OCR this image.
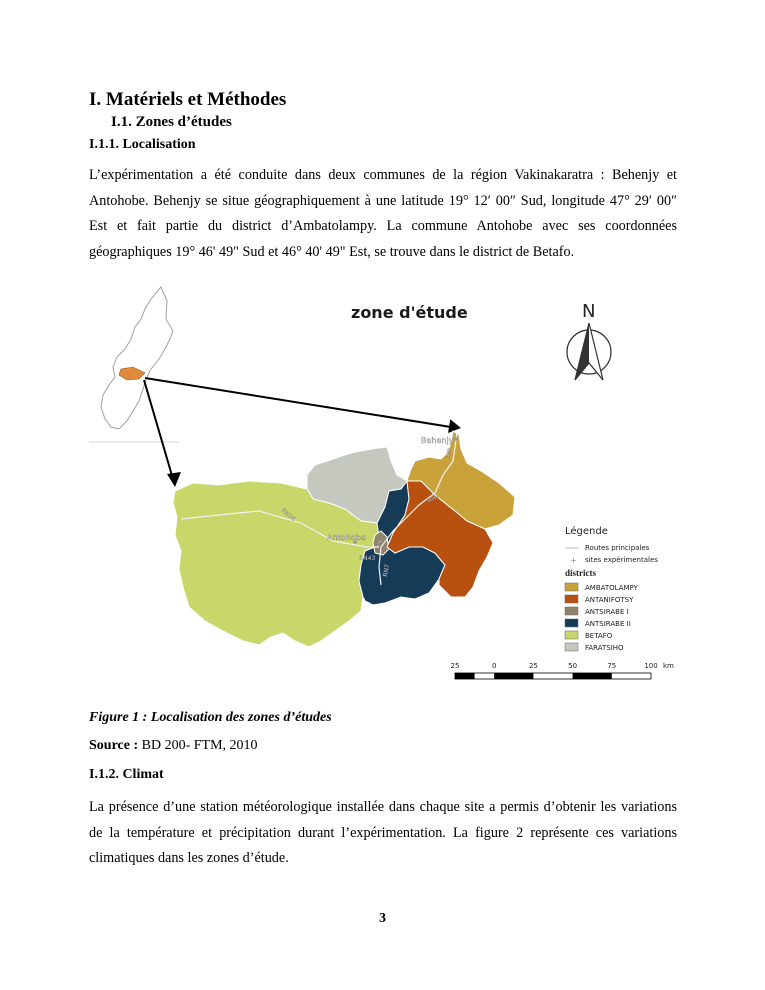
I. Matériels et Méthodes
I.1. Zones d’études
I.1.1. Localisation
L’expérimentation a été conduite dans deux communes de la région Vakinakaratra : Behenjy et Antohobe. Behenjy se situe géographiquement à une latitude 19° 12′ 00″ Sud, longitude 47° 29′ 00″ Est et fait partie du district d’Ambatolampy. La commune Antohobe avec ses coordonnées géographiques 19° 46' 49" Sud et 46° 40' 49" Est, se trouve dans le district de Betafo.
zone d'étude
Behenjy
Antohobe
RN34
RN7
RN7
RN7
RN7
RN43
N
Légende
Routes principales
+ sites expérimentales
districts
AMBATOLAMPY
ANTANIFOTSY
ANTSIRABE I
ANTSIRABE II
BETAFO
FARATSIHO
25	0	25	50	75	100 km
Figure 1 : Localisation des zones d’études
Source : BD 200- FTM, 2010
I.1.2. Climat
La présence d’une station météorologique installée dans chaque site a permis d’obtenir les variations de la température et précipitation durant l’expérimentation. La figure 2 représente ces variations climatiques dans les zones d’étude.
3
